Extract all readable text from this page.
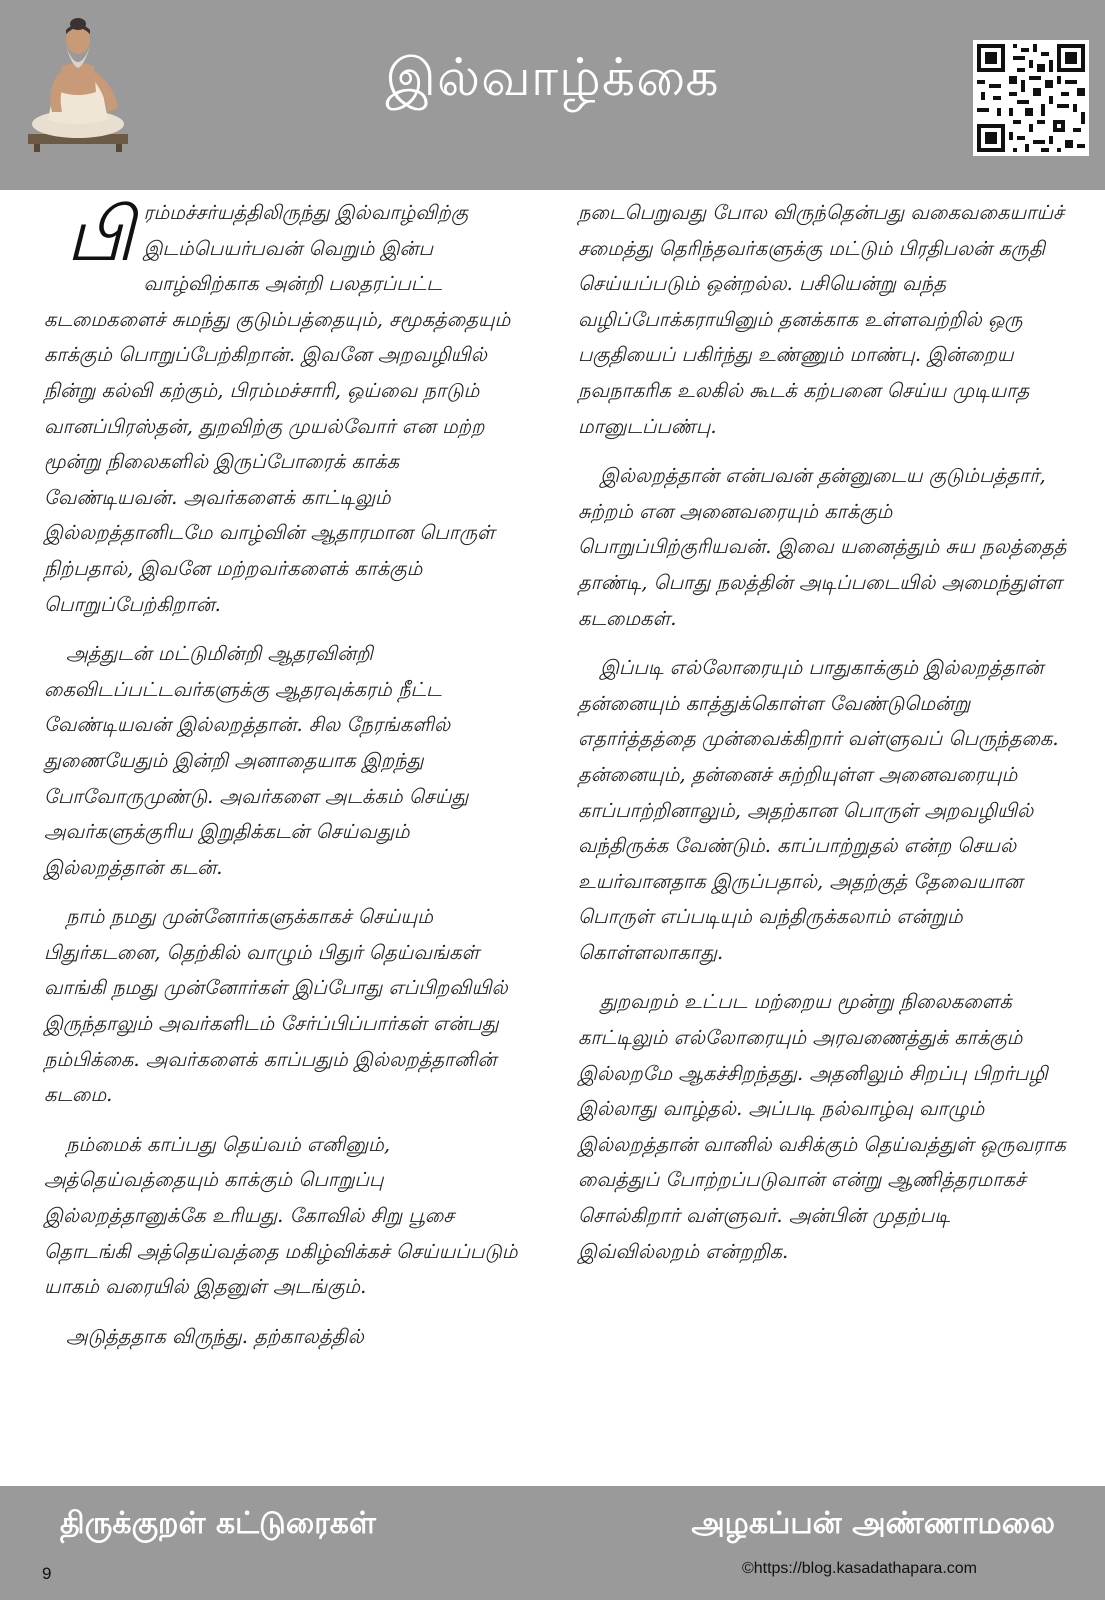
இல்வாழ்க்கை

பிரம்மச்சர்யத்திலிருந்து இல்வாழ்விற்கு இடம்பெயர்பவன் வெறும் இன்ப வாழ்விற்காக அன்றி பலதரப்பட்ட கடமைகளைச் சுமந்து குடும்பத்தையும், சமூகத்தையும் காக்கும் பொறுப்பேற்கிறான். இவனே அறவழியில் நின்று கல்வி கற்கும், பிரம்மச்சாரி, ஒய்வை நாடும் வானப்பிரஸ்தன், துறவிற்கு முயல்வோர் என மற்ற மூன்று நிலைகளில் இருப்போரைக் காக்க வேண்டியவன். அவர்களைக் காட்டிலும் இல்லறத்தானிடமே வாழ்வின் ஆதாரமான பொருள் நிற்பதால், இவனே மற்றவர்களைக் காக்கும் பொறுப்பேற்கிறான்.

அத்துடன் மட்டுமின்றி ஆதரவின்றி கைவிடப்பட்டவர்களுக்கு ஆதரவுக்கரம் நீட்ட வேண்டியவன் இல்லறத்தான். சில நேரங்களில் துணையேதும் இன்றி அனாதையாக இறந்து போவோருமுண்டு. அவர்களை அடக்கம் செய்து அவர்களுக்குரிய இறுதிக்கடன் செய்வதும் இல்லறத்தான் கடன்.

நாம் நமது முன்னோர்களுக்காகச் செய்யும் பிதுர்கடனை, தெற்கில் வாழும் பிதுர் தெய்வங்கள் வாங்கி நமது முன்னோர்கள் இப்போது எப்பிறவியில் இருந்தாலும் அவர்களிடம் சேர்ப்பிப்பார்கள் என்பது நம்பிக்கை. அவர்களைக் காப்பதும் இல்லறத்தானின் கடமை.

நம்மைக் காப்பது தெய்வம் எனினும், அத்தெய்வத்தையும் காக்கும் பொறுப்பு இல்லறத்தானுக்கே உரியது. கோவில் சிறு பூசை தொடங்கி அத்தெய்வத்தை மகிழ்விக்கச் செய்யப்படும் யாகம் வரையில் இதனுள் அடங்கும்.

அடுத்ததாக விருந்து. தற்காலத்தில்

நடைபெறுவது போல விருந்தென்பது வகைவகையாய்ச் சமைத்து தெரிந்தவர்களுக்கு மட்டும் பிரதிபலன் கருதி செய்யப்படும் ஒன்றல்ல. பசியென்று வந்த வழிப்போக்கராயினும் தனக்காக உள்ளவற்றில் ஒரு பகுதியைப் பகிர்ந்து உண்ணும் மாண்பு. இன்றைய நவநாகரிக உலகில் கூடக் கற்பனை செய்ய முடியாத மானுடப்பண்பு.

இல்லறத்தான் என்பவன் தன்னுடைய குடும்பத்தார், சுற்றம் என அனைவரையும் காக்கும் பொறுப்பிற்குரியவன். இவை யனைத்தும் சுய நலத்தைத் தாண்டி, பொது நலத்தின் அடிப்படையில் அமைந்துள்ள கடமைகள்.

இப்படி எல்லோரையும் பாதுகாக்கும் இல்லறத்தான் தன்னையும் காத்துக்கொள்ள வேண்டுமென்று எதார்த்தத்தை முன்வைக்கிறார் வள்ளுவப் பெருந்தகை. தன்னையும், தன்னைச் சுற்றியுள்ள அனைவரையும் காப்பாற்றினாலும், அதற்கான பொருள் அறவழியில் வந்திருக்க வேண்டும். காப்பாற்றுதல் என்ற செயல் உயர்வானதாக இருப்பதால், அதற்குத் தேவையான பொருள் எப்படியும் வந்திருக்கலாம் என்றும் கொள்ளலாகாது.

துறவறம் உட்பட மற்றைய மூன்று நிலைகளைக் காட்டிலும் எல்லோரையும் அரவணைத்துக் காக்கும் இல்லறமே ஆகச்சிறந்தது. அதனிலும் சிறப்பு பிறர்பழி இல்லாது வாழ்தல். அப்படி நல்வாழ்வு வாழும் இல்லறத்தான் வானில் வசிக்கும் தெய்வத்துள் ஒருவராக வைத்துப் போற்றப்படுவான் என்று ஆணித்தரமாகச் சொல்கிறார் வள்ளுவர். அன்பின் முதற்படி இவ்வில்லறம் என்றறிக.

திருக்குறள் கட்டுரைகள்	அழகப்பன் அண்ணாமலை
9	©https://blog.kasadathapara.com
